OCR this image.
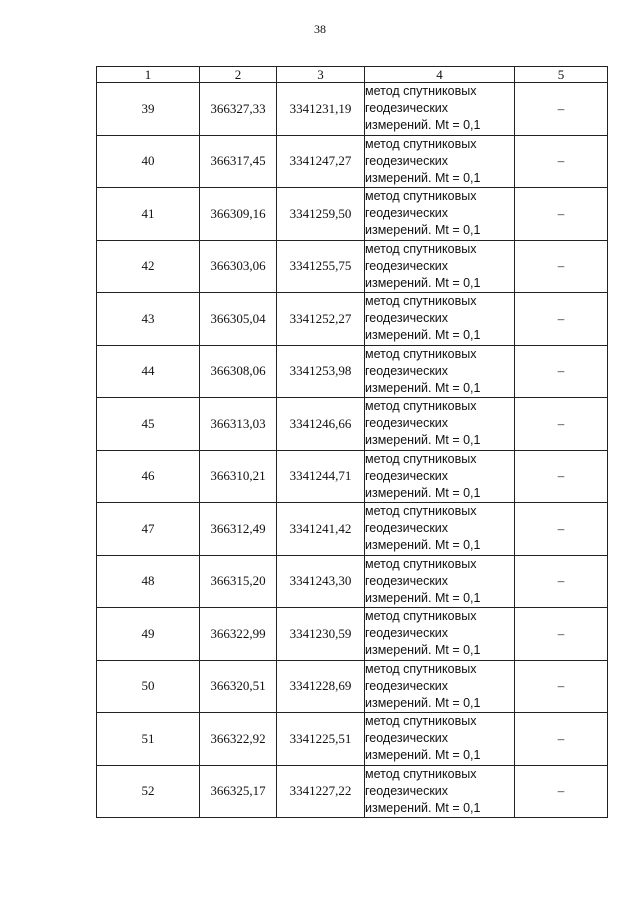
38
1	2	3	4	5
39	366327,33	3341231,19	метод спутниковых
геодезических
измерений. Mt = 0,1	–
40	366317,45	3341247,27	метод спутниковых
геодезических
измерений. Mt = 0,1	–
41	366309,16	3341259,50	метод спутниковых
геодезических
измерений. Mt = 0,1	–
42	366303,06	3341255,75	метод спутниковых
геодезических
измерений. Mt = 0,1	–
43	366305,04	3341252,27	метод спутниковых
геодезических
измерений. Mt = 0,1	–
44	366308,06	3341253,98	метод спутниковых
геодезических
измерений. Mt = 0,1	–
45	366313,03	3341246,66	метод спутниковых
геодезических
измерений. Mt = 0,1	–
46	366310,21	3341244,71	метод спутниковых
геодезических
измерений. Mt = 0,1	–
47	366312,49	3341241,42	метод спутниковых
геодезических
измерений. Mt = 0,1	–
48	366315,20	3341243,30	метод спутниковых
геодезических
измерений. Mt = 0,1	–
49	366322,99	3341230,59	метод спутниковых
геодезических
измерений. Mt = 0,1	–
50	366320,51	3341228,69	метод спутниковых
геодезических
измерений. Mt = 0,1	–
51	366322,92	3341225,51	метод спутниковых
геодезических
измерений. Mt = 0,1	–
52	366325,17	3341227,22	метод спутниковых
геодезических
измерений. Mt = 0,1	–
